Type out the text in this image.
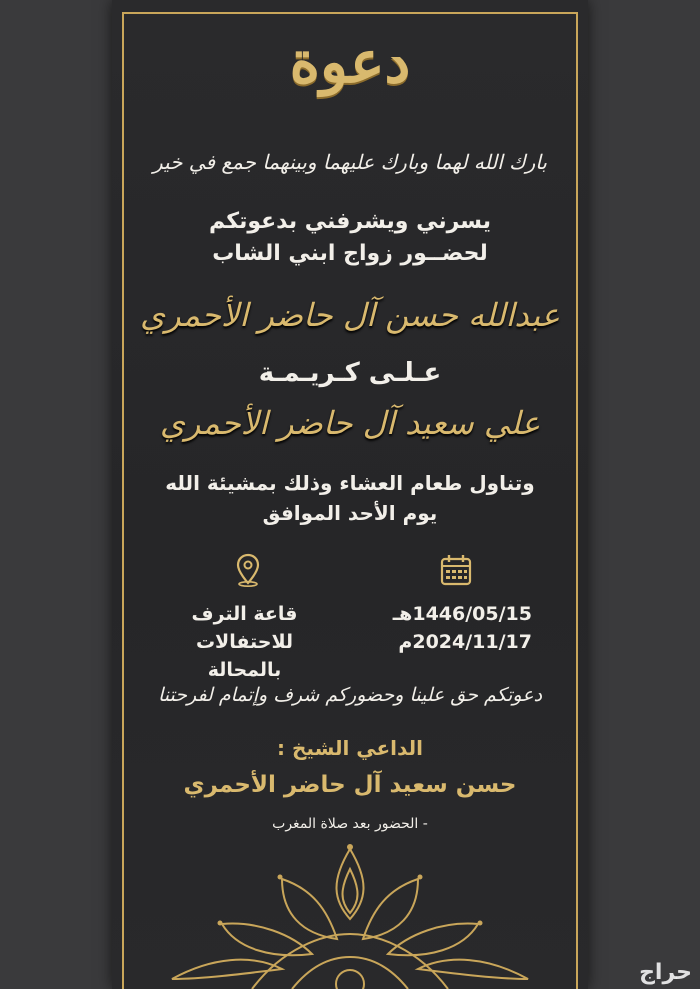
دعوة
بارك الله لهما وبارك عليهما وبينهما جمع في خير
يسرني ويشرفني بدعوتكم
لحضــور زواج ابني الشاب
عبدالله حسن آل حاضر الأحمري
عـلـى كـريـمـة
علي سعيد آل حاضر الأحمري
وتناول طعام العشاء وذلك بمشيئة الله
يوم الأحد الموافق
1446/05/15هـ
2024/11/17م
قاعة الترف للاحتفالات
بالمحالة
دعوتكم حق علينا وحضوركم شرف وإتمام لفرحتنا
الداعي الشيخ :
حسن سعيد آل حاضر الأحمري
- الحضور بعد صلاة المغرب
حراج
